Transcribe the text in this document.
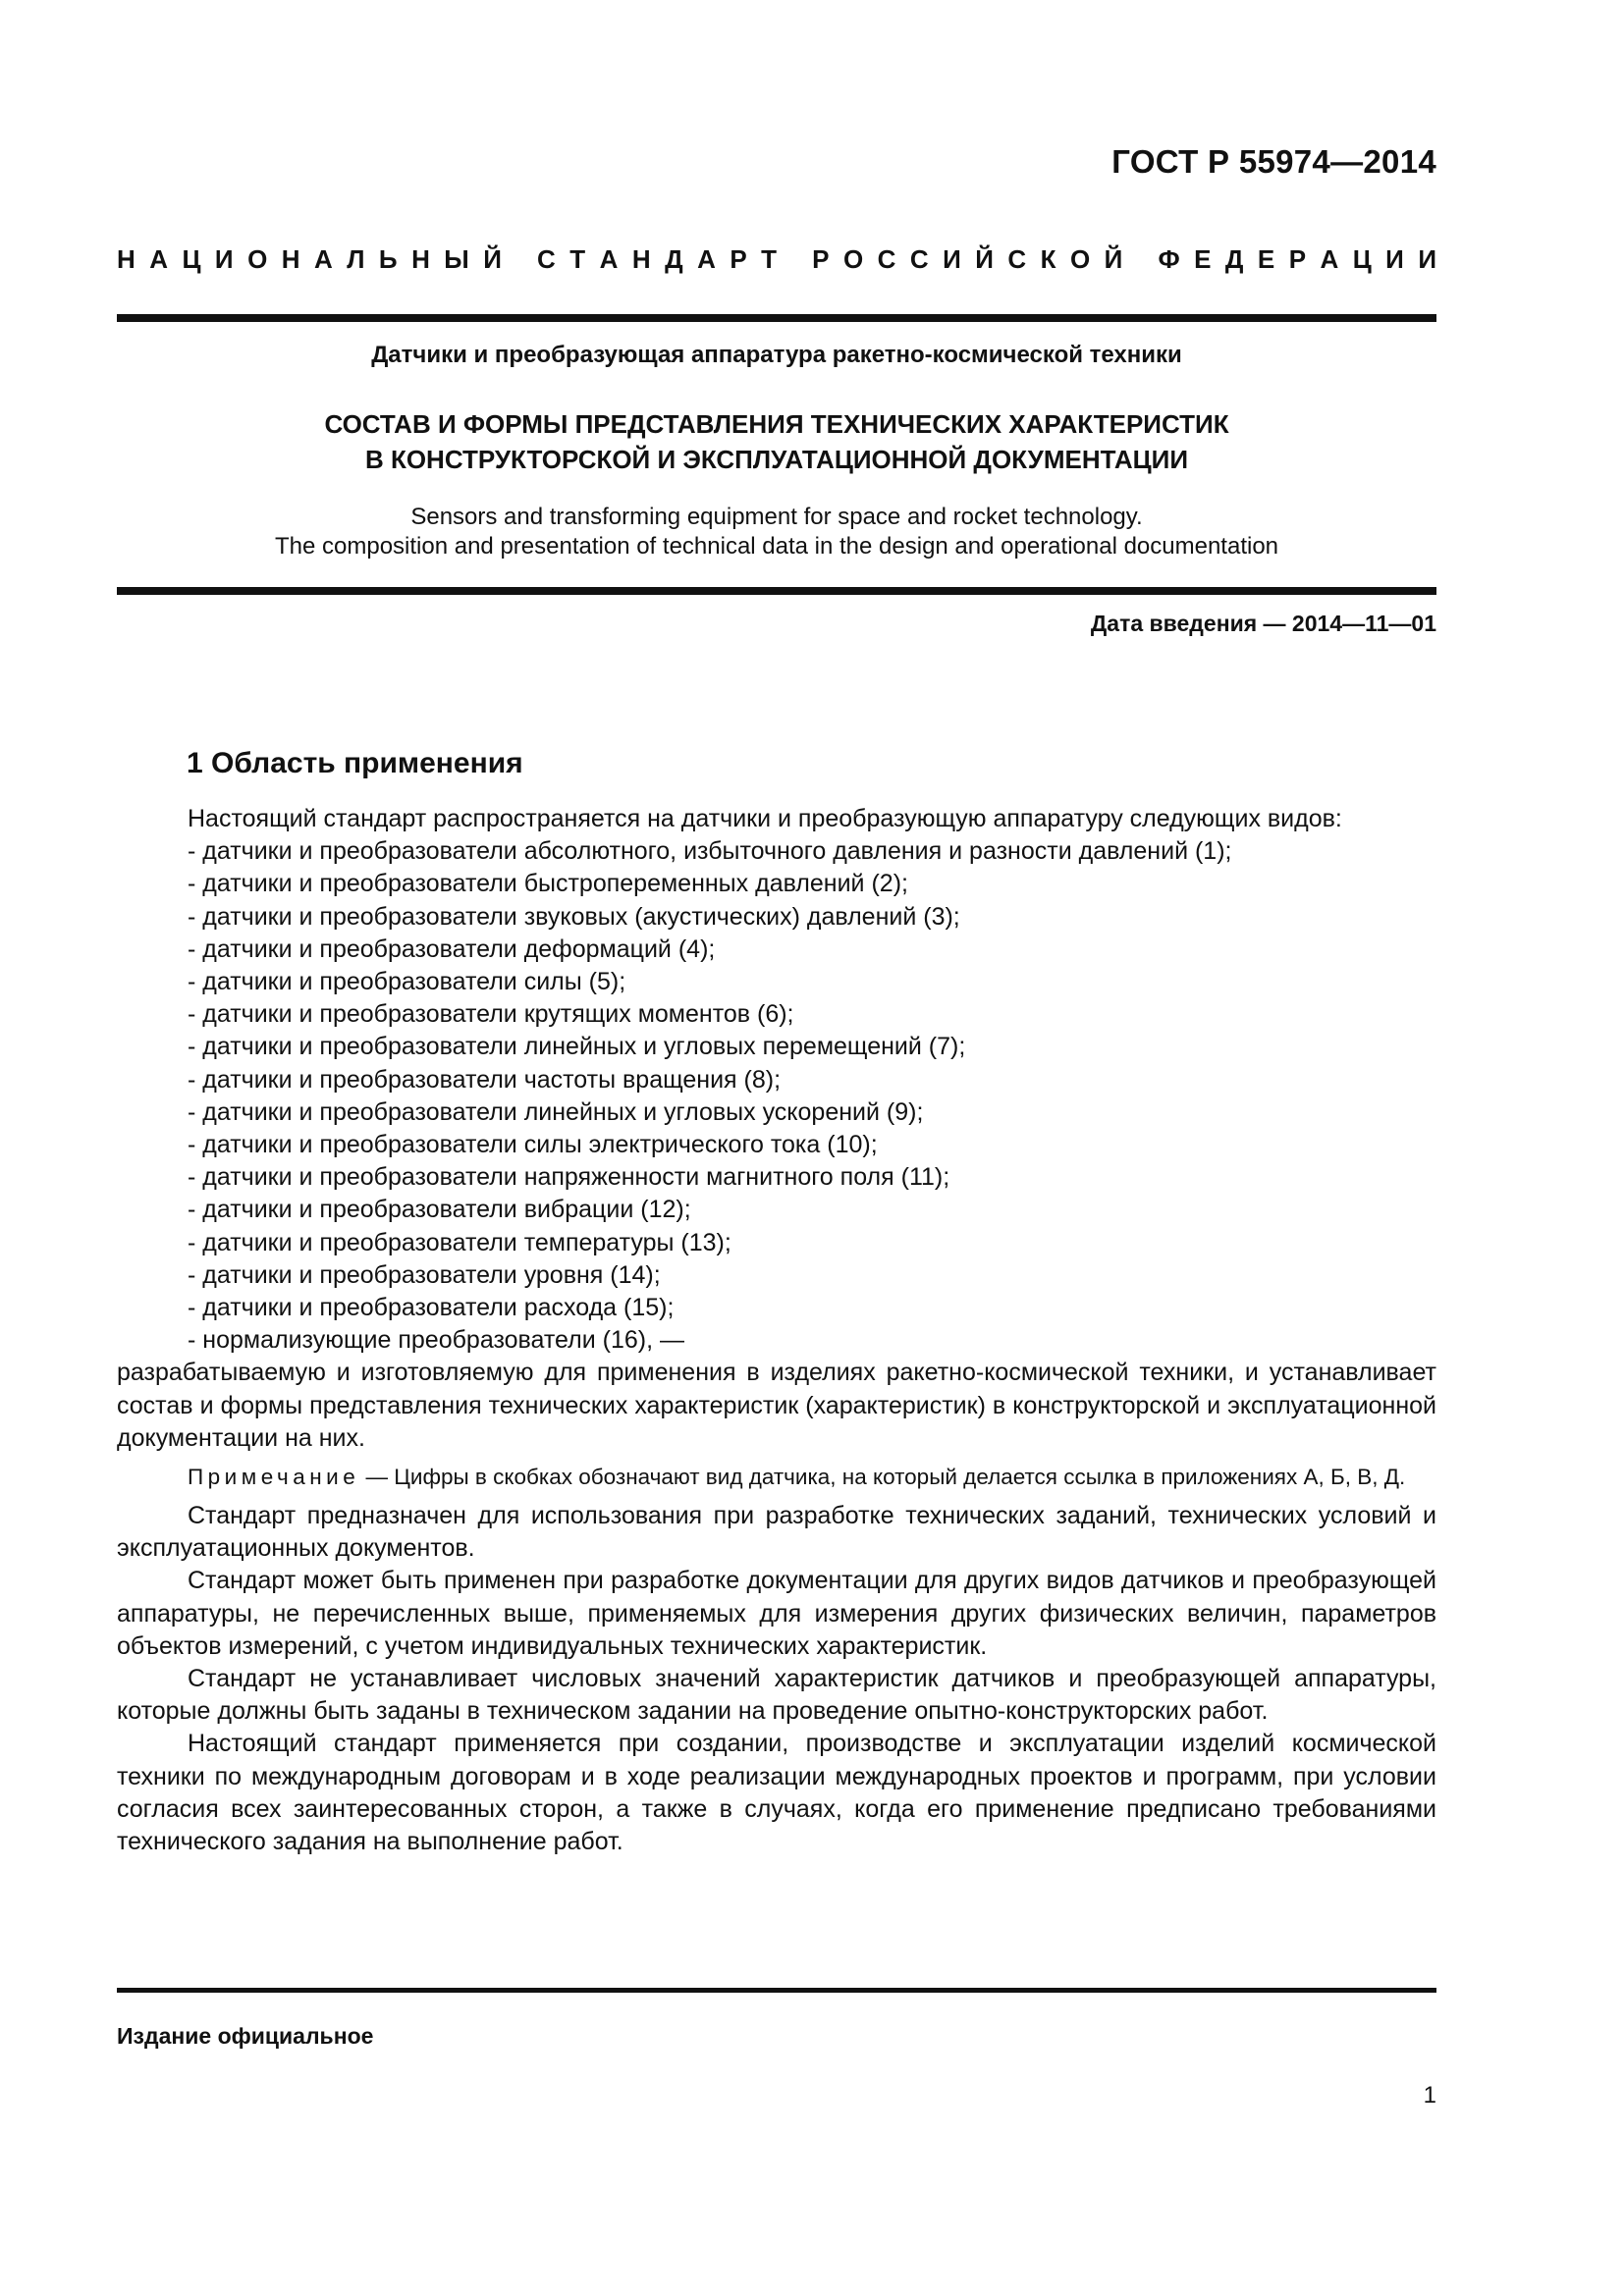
ГОСТ Р 55974—2014
Н А Ц И О Н А Л Ь Н Ы Й
С Т А Н Д А Р Т
Р О С С И Й С К О Й
Ф Е Д Е Р А Ц И И
Датчики и преобразующая аппаратура ракетно-космической техники
СОСТАВ И ФОРМЫ ПРЕДСТАВЛЕНИЯ ТЕХНИЧЕСКИХ ХАРАКТЕРИСТИК
В КОНСТРУКТОРСКОЙ И ЭКСПЛУАТАЦИОННОЙ ДОКУМЕНТАЦИИ
Sensors and transforming equipment for space and rocket technology.
The composition and presentation of technical data in the design and operational documentation
Дата введения — 2014—11—01
1 Область применения

Настоящий стандарт распространяется на датчики и преобразующую аппаратуру следующих видов:

- датчики и преобразователи абсолютного, избыточного давления и разности давлений (1);
- датчики и преобразователи быстропеременных давлений (2);
- датчики и преобразователи звуковых (акустических) давлений (3);
- датчики и преобразователи деформаций (4);
- датчики и преобразователи силы (5);
- датчики и преобразователи крутящих моментов (6);
- датчики и преобразователи линейных и угловых перемещений (7);
- датчики и преобразователи частоты вращения (8);
- датчики и преобразователи линейных и угловых ускорений (9);
- датчики и преобразователи силы электрического тока (10);
- датчики и преобразователи напряженности магнитного поля (11);
- датчики и преобразователи вибрации (12);
- датчики и преобразователи температуры (13);
- датчики и преобразователи уровня (14);
- датчики и преобразователи расхода (15);
- нормализующие преобразователи (16), —

разрабатываемую и изготовляемую для применения в изделиях ракетно-космической техники, и устанавливает состав и формы представления технических характеристик (характеристик) в конструкторской и эксплуатационной документации на них.

Примечание — Цифры в скобках обозначают вид датчика, на который делается ссылка в приложениях А, Б, В, Д.

Стандарт предназначен для использования при разработке технических заданий, технических условий и эксплуатационных документов.

Стандарт может быть применен при разработке документации для других видов датчиков и преобразующей аппаратуры, не перечисленных выше, применяемых для измерения других физических величин, параметров объектов измерений, с учетом индивидуальных технических характеристик.

Стандарт не устанавливает числовых значений характеристик датчиков и преобразующей аппаратуры, которые должны быть заданы в техническом задании на проведение опытно-конструкторских работ.

Настоящий стандарт применяется при создании, производстве и эксплуатации изделий космической техники по международным договорам и в ходе реализации международных проектов и программ, при условии согласия всех заинтересованных сторон, а также в случаях, когда его применение предписано требованиями технического задания на выполнение работ.

Издание официальное
1
